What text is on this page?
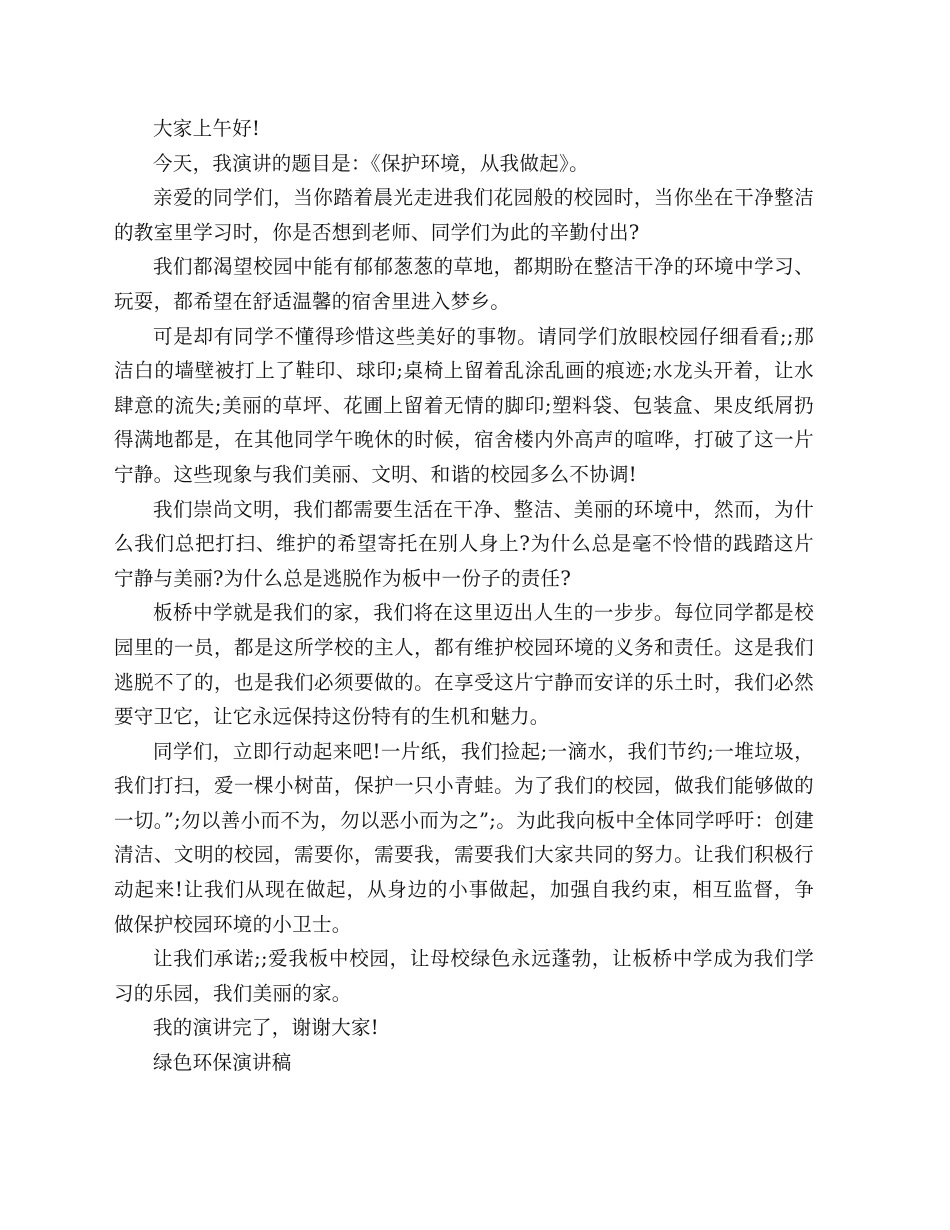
大家上午好!

今天，我演讲的题目是：《保护环境，从我做起》。

亲爱的同学们，当你踏着晨光走进我们花园般的校园时，当你坐在干净整洁的教室里学习时，你是否想到老师、同学们为此的辛勤付出?

我们都渴望校园中能有郁郁葱葱的草地，都期盼在整洁干净的环境中学习、玩耍，都希望在舒适温馨的宿舍里进入梦乡。

可是却有同学不懂得珍惜这些美好的事物。请同学们放眼校园仔细看看;;那洁白的墙壁被打上了鞋印、球印;桌椅上留着乱涂乱画的痕迹;水龙头开着，让水肆意的流失;美丽的草坪、花圃上留着无情的脚印;塑料袋、包装盒、果皮纸屑扔得满地都是，在其他同学午晚休的时候，宿舍楼内外高声的喧哗，打破了这一片宁静。这些现象与我们美丽、文明、和谐的校园多么不协调!

我们崇尚文明，我们都需要生活在干净、整洁、美丽的环境中，然而，为什么我们总把打扫、维护的希望寄托在别人身上?为什么总是毫不怜惜的践踏这片宁静与美丽?为什么总是逃脱作为板中一份子的责任?

板桥中学就是我们的家，我们将在这里迈出人生的一步步。每位同学都是校园里的一员，都是这所学校的主人，都有维护校园环境的义务和责任。这是我们逃脱不了的，也是我们必须要做的。在享受这片宁静而安详的乐土时，我们必然要守卫它，让它永远保持这份特有的生机和魅力。

同学们，立即行动起来吧!一片纸，我们捡起;一滴水，我们节约;一堆垃圾，我们打扫，爱一棵小树苗，保护一只小青蛙。为了我们的校园，做我们能够做的一切。”;勿以善小而不为，勿以恶小而为之”;。为此我向板中全体同学呼吁：创建清洁、文明的校园，需要你，需要我，需要我们大家共同的努力。让我们积极行动起来!让我们从现在做起，从身边的小事做起，加强自我约束，相互监督，争做保护校园环境的小卫士。

让我们承诺;;爱我板中校园，让母校绿色永远蓬勃，让板桥中学成为我们学习的乐园，我们美丽的家。

我的演讲完了，谢谢大家!

绿色环保演讲稿
